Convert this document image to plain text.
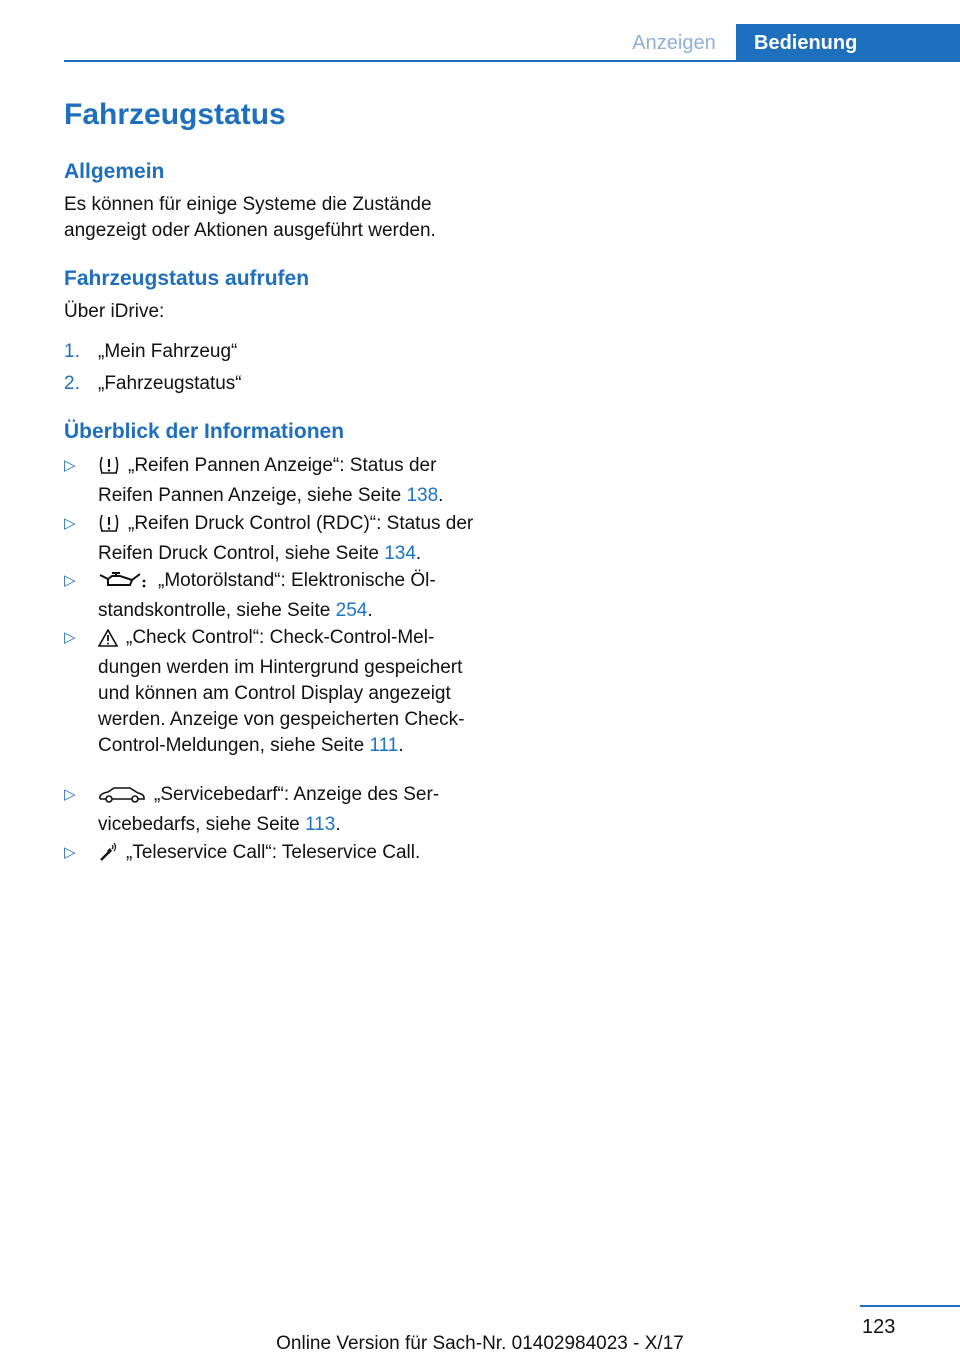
Anzeigen	Bedienung
Fahrzeugstatus
Allgemein

Es können für einige Systeme die Zustände angezeigt oder Aktionen ausgeführt werden.

Fahrzeugstatus aufrufen

Über iDrive:

1. „Mein Fahrzeug“
2. „Fahrzeugstatus“
Überblick der Informationen
▷	„Reifen Pannen Anzeige“: Status der Reifen Pannen Anzeige, siehe Seite 138.
▷	„Reifen Druck Control (RDC)“: Status der Reifen Druck Control, siehe Seite 134.
▷	„Motorölstand“: Elektronische Ölstandskontrolle, siehe Seite 254.
▷	„Check Control“: Check-Control-Meldungen werden im Hintergrund gespeichert und können am Control Display angezeigt werden. Anzeige von gespeicherten Check-Control-Meldungen, siehe Seite 111.
▷	„Servicebedarf“: Anzeige des Servicebedarfs, siehe Seite 113.
▷	„Teleservice Call“: Teleservice Call.
123
Online Version für Sach-Nr. 01402984023 - X/17
